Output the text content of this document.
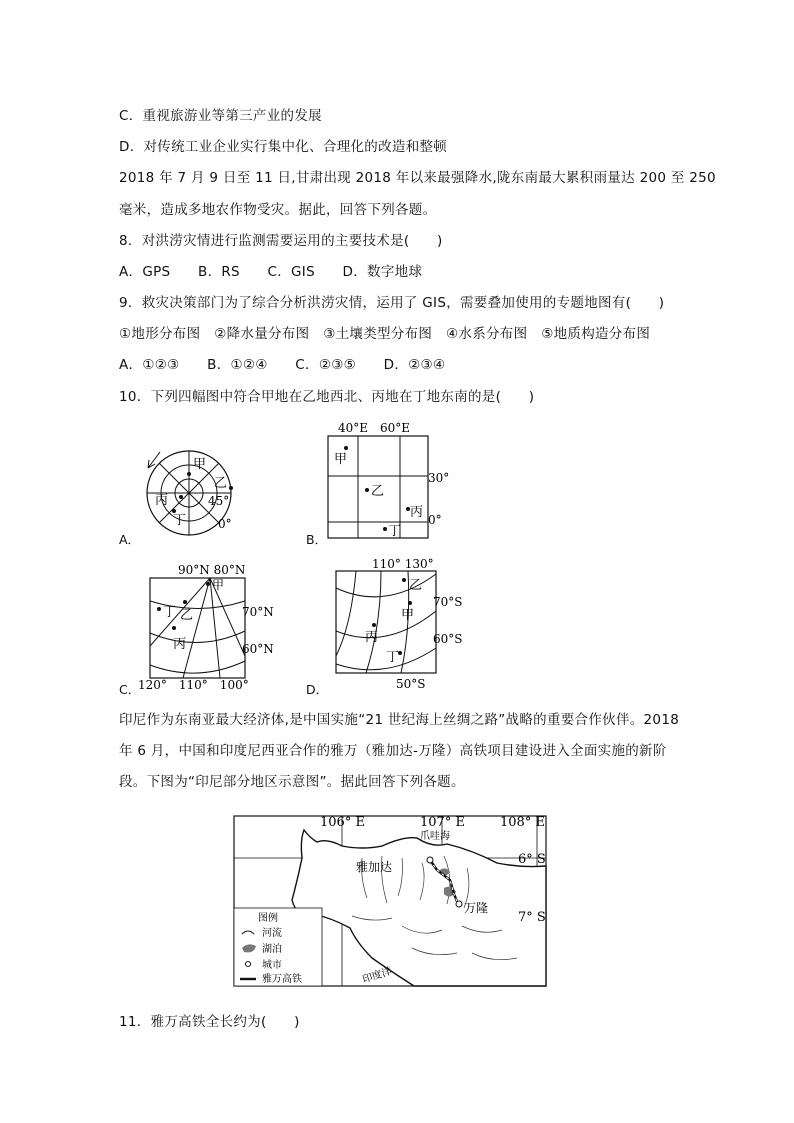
C．重视旅游业等第三产业的发展
D．对传统工业企业实行集中化、合理化的改造和整顿
2018 年 7 月 9 日至 11 日,甘肃出现 2018 年以来最强降水,陇东南最大累积雨量达 200 至 250
毫米，造成多地农作物受灾。据此，回答下列各题。
8．对洪涝灾情进行监测需要运用的主要技术是(　　)
A．GPS　　B．RS　　C．GIS　　D．数字地球
9．救灾决策部门为了综合分析洪涝灾情，运用了 GIS，需要叠加使用的专题地图有(　　)
①地形分布图　②降水量分布图　③土壤类型分布图　④水系分布图　⑤地质构造分布图
A．①②③　　B．①②④　　C．②③⑤　　D．②③④
10．下列四幅图中符合甲地在乙地西北、丙地在丁地东南的是(　　)
A．
甲
乙
丙
丁
45°
0°
B．
40°E　60°E
30°
0°
甲
乙
丙
丁
C．
90°N 80°N
70°N
60°N
120°　110°　100°
甲
乙
丙
丁
D．
110° 130°
70°S
60°S
50°S
甲
乙
丙
丁
印尼作为东南亚最大经济体,是中国实施“21 世纪海上丝绸之路”战略的重要合作伙伴。2018
年 6 月，中国和印度尼西亚合作的雅万（雅加达-万隆）高铁项目建设进入全面实施的新阶
段。下图为“印尼部分地区示意图”。据此回答下列各题。
图例
河流
湖泊
城市
雅万高铁
106° E	107° E	108° E
6° S
7° S
爪哇海
印度洋
雅加达
万隆
11．雅万高铁全长约为(　　)
